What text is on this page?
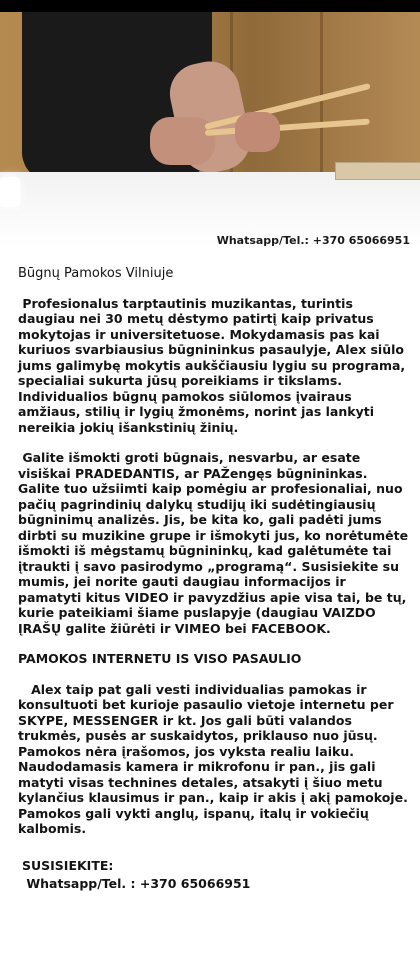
Whatsapp/Tel.: +370 65066951
Būgnų Pamokos Vilniuje
Profesionalus tarptautinis muzikantas, turintis daugiau nei 30 metų dėstymo patirtį kaip privatus mokytojas ir universitetuose. Mokydamasis pas kai kuriuos svarbiausius būgnininkus pasaulyje, Alex siūlo jums galimybę mokytis aukščiausiu lygiu su programa, specialiai sukurta jūsų poreikiams ir tikslams. Individualios būgnų pamokos siūlomos įvairaus amžiaus, stilių ir lygių žmonėms, norint jas lankyti nereikia jokių išankstinių žinių.
Galite išmokti groti būgnais, nesvarbu, ar esate visiškai PRADEDANTIS, ar PAŽengęs būgnininkas. Galite tuo užsiimti kaip pomėgiu ar profesionaliai, nuo pačių pagrindinių dalykų studijų iki sudėtingiausių būgninimų analizės. Jis, be kita ko, gali padėti jums dirbti su muzikine grupe ir išmokyti jus, ko norėtumėte išmokti iš mėgstamų būgnininkų, kad galėtumėte tai įtraukti į savo pasirodymo „programą“. Susisiekite su mumis, jei norite gauti daugiau informacijos ir pamatyti kitus VIDEO ir pavyzdžius apie visa tai, be tų, kurie pateikiami šiame puslapyje (daugiau VAIZDO ĮRAŠŲ galite žiūrėti ir VIMEO bei FACEBOOK.
PAMOKOS INTERNETU IS VISO PASAULIO
Alex taip pat gali vesti individualias pamokas ir konsultuoti bet kurioje pasaulio vietoje internetu per SKYPE, MESSENGER ir kt. Jos gali būti valandos trukmės, pusės ar suskaidytos, priklauso nuo jūsų. Pamokos nėra įrašomos, jos vyksta realiu laiku. Naudodamasis kamera ir mikrofonu ir pan., jis gali matyti visas technines detales, atsakyti į šiuo metu kylančius klausimus ir pan., kaip ir akis į akį pamokoje. Pamokos gali vykti anglų, ispanų, italų ir vokiečių kalbomis.
SUSISIEKITE:
Whatsapp/Tel. : +370 65066951
